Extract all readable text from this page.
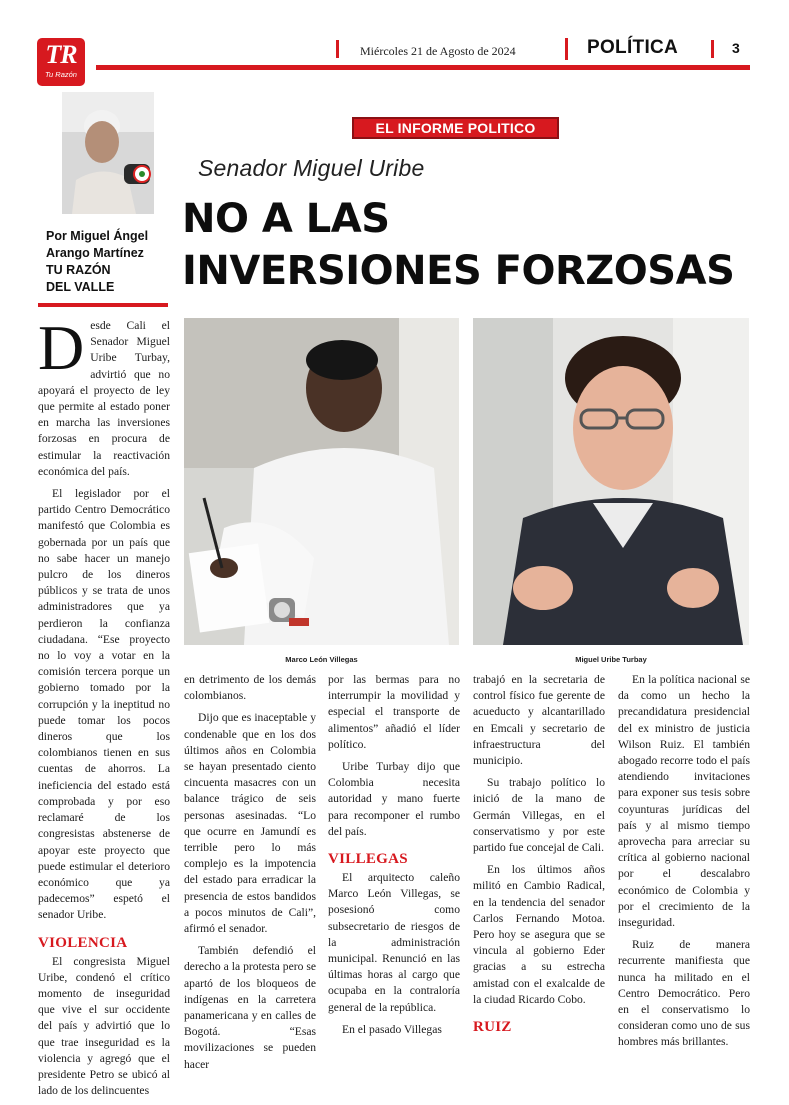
TR
Tu Razón
Miércoles 21 de Agosto de 2024	POLÍTICA	3
Por Miguel Ángel
Arango Martínez
TU RAZÓN
DEL VALLE
EL INFORME POLITICO
Senador Miguel Uribe
NO A LAS
INVERSIONES FORZOSAS
Marco León Villegas	Miguel Uribe Turbay

Desde Cali el Senador Miguel Uribe Turbay, advirtió que no apoyará el proyecto de ley que permite al estado poner en marcha las inversiones forzosas en procura de estimular la reactivación económica del país.

El legislador por el partido Centro Democrático manifestó que Colombia es gobernada por un país que no sabe hacer un manejo pulcro de los dineros públicos y se trata de unos administradores que ya perdieron la confianza ciudadana. “Ese proyecto no lo voy a votar en la comisión tercera porque un gobierno tomado por la corrupción y la ineptitud no puede tomar los pocos dineros que los colombianos tienen en sus cuentas de ahorros. La ineficiencia del estado está comprobada y por eso reclamaré de los congresistas abstenerse de apoyar este proyecto que puede estimular el deterioro económico que ya padecemos” espetó el senador Uribe.

VIOLENCIA

El congresista Miguel Uribe, condenó el crítico momento de inseguridad que vive el sur occidente del país y advirtió que lo que trae inseguridad es la violencia y agregó que el presidente Petro se ubicó al lado de los delincuentes

en detrimento de los demás colombianos.

Dijo que es inaceptable y condenable que en los dos últimos años en Colombia se hayan presentado ciento cincuenta masacres con un balance trágico de seis personas asesinadas. “Lo que ocurre en Jamundí es terrible pero lo más complejo es la impotencia del estado para erradicar la presencia de estos bandidos a pocos minutos de Cali”, afirmó el senador.

También defendió el derecho a la protesta pero se apartó de los bloqueos de indígenas en la carretera panamericana y en calles de Bogotá. “Esas movilizaciones se pueden hacer

por las bermas para no interrumpir la movilidad y especial el transporte de alimentos” añadió el líder político.

Uribe Turbay dijo que Colombia necesita autoridad y mano fuerte para recomponer el rumbo del país.

VILLEGAS

El arquitecto caleño Marco León Villegas, se posesionó como subsecretario de riesgos de la administración municipal. Renunció en las últimas horas al cargo que ocupaba en la contraloría general de la república.

En el pasado Villegas

trabajó en la secretaria de control físico fue gerente de acueducto y alcantarillado en Emcali y secretario de infraestructura del municipio.

Su trabajo político lo inició de la mano de Germán Villegas, en el conservatismo y por este partido fue concejal de Cali.

En los últimos años militó en Cambio Radical, en la tendencia del senador Carlos Fernando Motoa. Pero hoy se asegura que se vincula al gobierno Eder gracias a su estrecha amistad con el exalcalde de la ciudad Ricardo Cobo.

RUIZ

En la política nacional se da como un hecho la precandidatura presidencial del ex ministro de justicia Wilson Ruiz. El también abogado recorre todo el país atendiendo invitaciones para exponer sus tesis sobre coyunturas jurídicas del país y al mismo tiempo aprovecha para arreciar su crítica al gobierno nacional por el descalabro económico de Colombia y por el crecimiento de la inseguridad.

Ruiz de manera recurrente manifiesta que nunca ha militado en el Centro Democrático. Pero en el conservatismo lo consideran como uno de sus hombres más brillantes.
